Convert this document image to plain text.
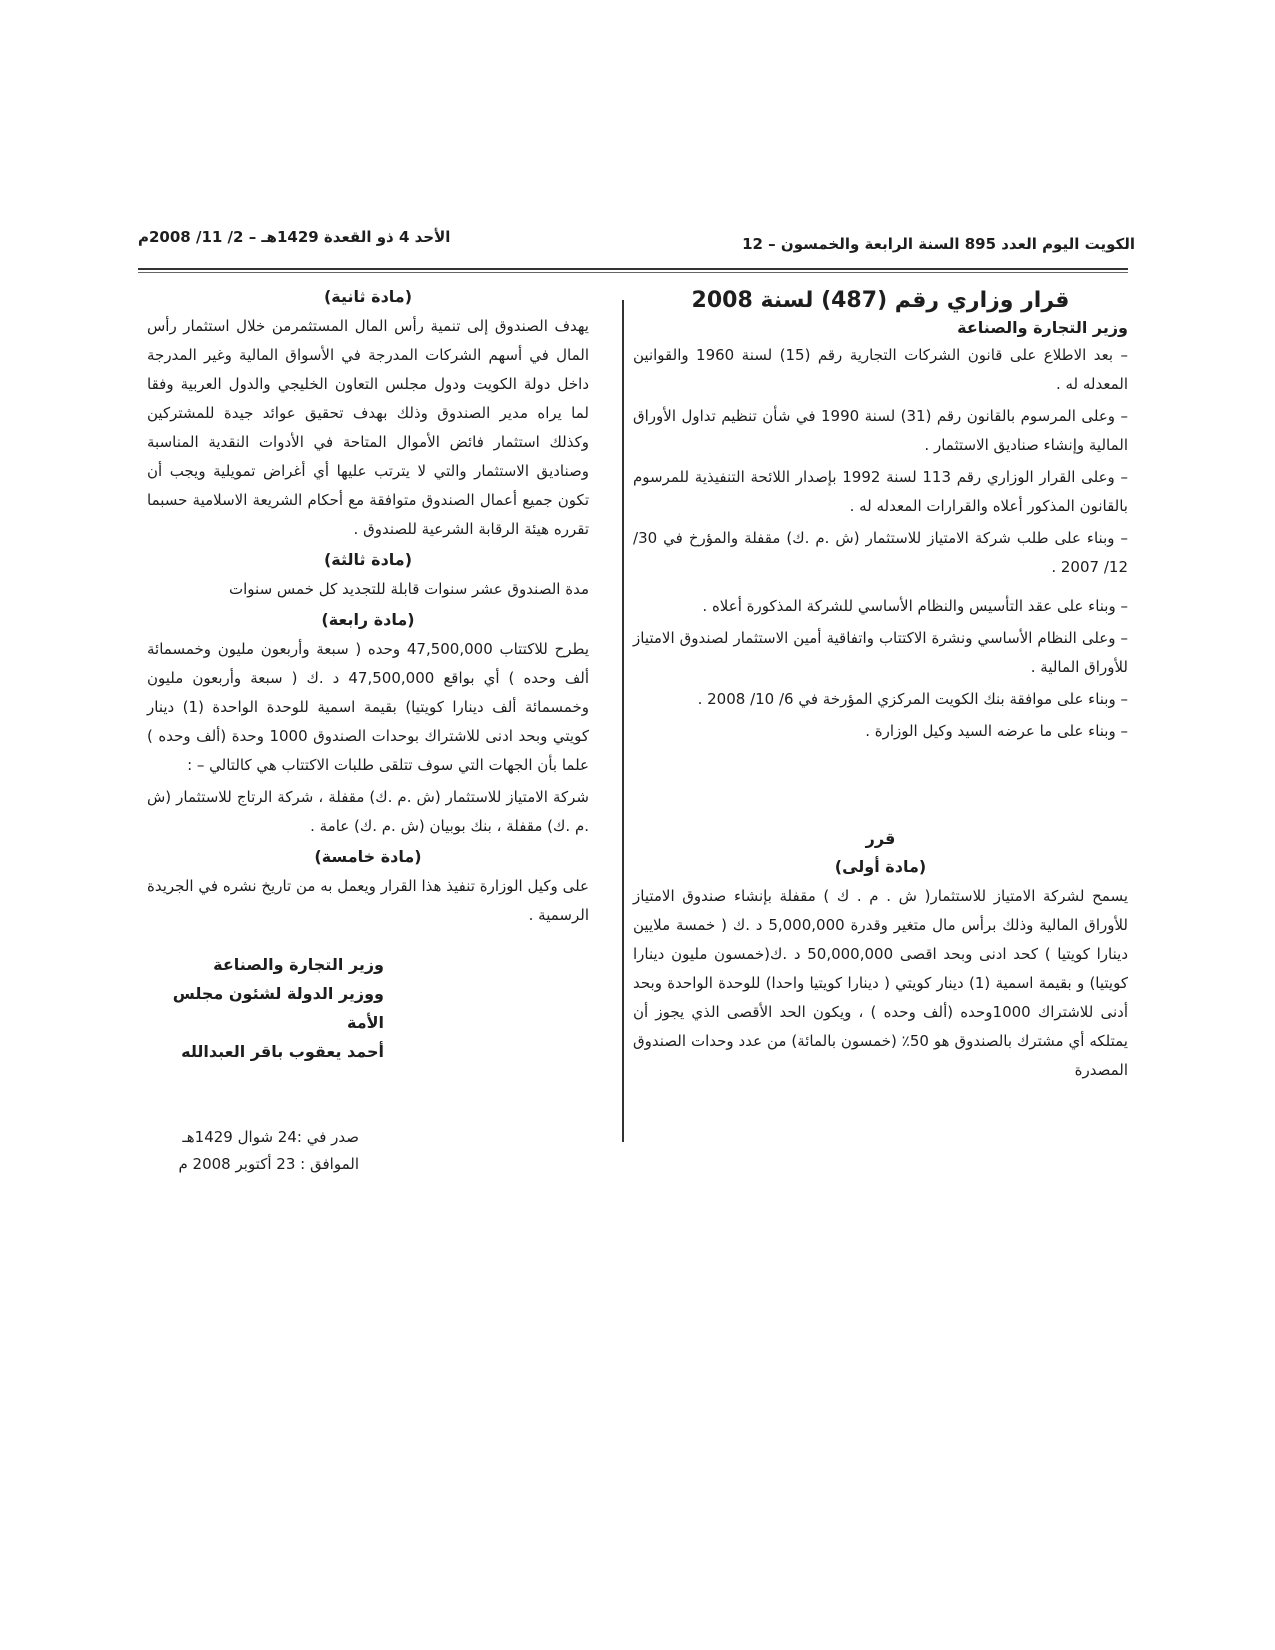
الكويت اليوم العدد 895 السنة الرابعة والخمسون – 12
الأحد 4 ذو القعدة 1429هـ – 2/ 11/ 2008م
قرار وزاري رقم (487) لسنة 2008
وزير التجارة والصناعة

– بعد الاطلاع على قانون الشركات التجارية رقم (15) لسنة 1960 والقوانين المعدله له .

– وعلى المرسوم بالقانون رقم (31) لسنة 1990 في شأن تنظيم تداول الأوراق المالية وإنشاء صناديق الاستثمار .

– وعلى القرار الوزاري رقم 113 لسنة 1992 بإصدار اللائحة التنفيذية للمرسوم بالقانون المذكور أعلاه والقرارات المعدله له .

– وبناء على طلب شركة الامتياز للاستثمار (ش .م .ك) مقفلة والمؤرخ في 30/ 12/ 2007 .

– وبناء على عقد التأسيس والنظام الأساسي للشركة المذكورة أعلاه .

– وعلى النظام الأساسي ونشرة الاكتتاب واتفاقية أمين الاستثمار لصندوق الامتياز للأوراق المالية .

– وبناء على موافقة بنك الكويت المركزي المؤرخة في 6/ 10/ 2008 .

– وبناء على ما عرضه السيد وكيل الوزارة .

قرر
(مادة أولى)

يسمح لشركة الامتياز للاستثمار( ش . م . ك ) مقفلة بإنشاء صندوق الامتياز للأوراق المالية وذلك برأس مال متغير وقدرة 5,000,000 د .ك ( خمسة ملايين دينارا كويتيا ) كحد ادنى وبحد اقصى 50,000,000 د .ك(خمسون مليون دينارا كويتيا) و بقيمة اسمية (1) دينار كويتي ( دينارا كويتيا واحدا) للوحدة الواحدة وبحد أدنى للاشتراك 1000وحده (ألف وحده ) ، ويكون الحد الأقصى الذي يجوز أن يمتلكه أي مشترك بالصندوق هو 50٪ (خمسون بالمائة) من عدد وحدات الصندوق المصدرة

(مادة ثانية)

يهدف الصندوق إلى تنمية رأس المال المستثمرمن خلال استثمار رأس المال في أسهم الشركات المدرجة في الأسواق المالية وغير المدرجة داخل دولة الكويت ودول مجلس التعاون الخليجي والدول العربية وفقا لما يراه مدير الصندوق وذلك بهدف تحقيق عوائد جيدة للمشتركين وكذلك استثمار فائض الأموال المتاحة في الأدوات النقدية المناسبة وصناديق الاستثمار والتي لا يترتب عليها أي أغراض تمويلية ويجب أن تكون جميع أعمال الصندوق متوافقة مع أحكام الشريعة الاسلامية حسبما تقرره هيئة الرقابة الشرعية للصندوق .

(مادة ثالثة)

مدة الصندوق عشر سنوات قابلة للتجديد كل خمس سنوات

(مادة رابعة)

يطرح للاكتتاب 47,500,000 وحده ( سبعة وأربعون مليون وخمسمائة ألف وحده ) أي بواقع 47,500,000 د .ك ( سبعة وأربعون مليون وخمسمائة ألف دينارا كويتيا) بقيمة اسمية للوحدة الواحدة (1) دينار كويتي وبحد ادنى للاشتراك بوحدات الصندوق 1000 وحدة (ألف وحده ) علما بأن الجهات التي سوف تتلقى طلبات الاكتتاب هي كالتالي – :

شركة الامتياز للاستثمار (ش .م .ك) مقفلة ، شركة الرتاج للاستثمار (ش .م .ك) مقفلة ، بنك بوبيان (ش .م .ك) عامة .

(مادة خامسة)

على وكيل الوزارة تنفيذ هذا القرار ويعمل به من تاريخ نشره في الجريدة الرسمية .

وزير التجارة والصناعة

ووزير الدولة لشئون مجلس الأمة

أحمد يعقوب باقر العبدالله

صدر في :24 شوال 1429هـ

الموافق : 23 أكتوبر 2008 م
